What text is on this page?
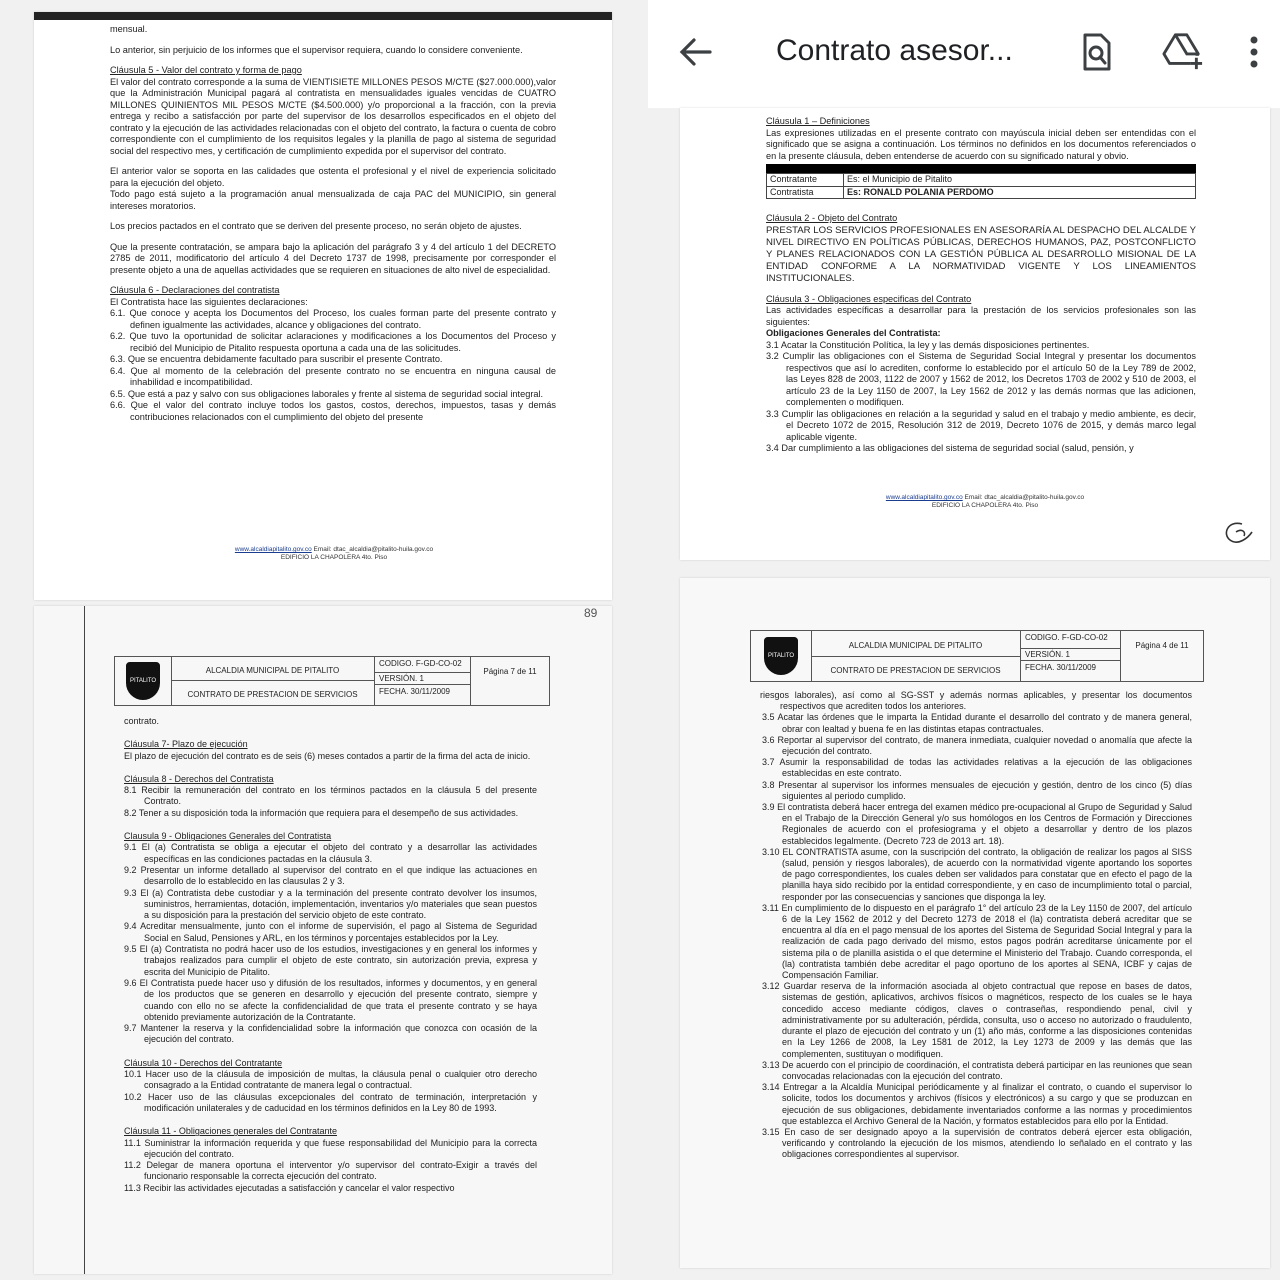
mensual.

Lo anterior, sin perjuicio de los informes que el supervisor requiera, cuando lo considere conveniente.

Cláusula 5 - Valor del contrato y forma de pago

El valor del contrato corresponde a la suma de VIENTISIETE MILLONES PESOS M/CTE ($27.000.000),valor que la Administración Municipal pagará al contratista en mensualidades iguales vencidas de CUATRO MILLONES QUINIENTOS MIL PESOS M/CTE ($4.500.000) y/o proporcional a la fracción, con la previa entrega y recibo a satisfacción por parte del supervisor de los desarrollos especificados en el objeto del contrato y la ejecución de las actividades relacionadas con el objeto del contrato, la factura o cuenta de cobro correspondiente con el cumplimiento de los requisitos legales y la planilla de pago al sistema de seguridad social del respectivo mes, y certificación de cumplimiento expedida por el supervisor del contrato.

El anterior valor se soporta en las calidades que ostenta el profesional y el nivel de experiencia solicitado para la ejecución del objeto.

Todo pago está sujeto a la programación anual mensualizada de caja PAC del MUNICIPIO, sin general intereses moratorios.

Los precios pactados en el contrato que se deriven del presente proceso, no serán objeto de ajustes.

Que la presente contratación, se ampara bajo la aplicación del parágrafo 3 y 4 del artículo 1 del DECRETO 2785 de 2011, modificatorio del artículo 4 del Decreto 1737 de 1998, precisamente por corresponder el presente objeto a una de aquellas actividades que se requieren en situaciones de alto nivel de especialidad.

Cláusula 6 - Declaraciones del contratista

El Contratista hace las siguientes declaraciones:

6.1. Que conoce y acepta los Documentos del Proceso, los cuales forman parte del presente contrato y definen igualmente las actividades, alcance y obligaciones del contrato.

6.2. Que tuvo la oportunidad de solicitar aclaraciones y modificaciones a los Documentos del Proceso y recibió del Municipio de Pitalito respuesta oportuna a cada una de las solicitudes.

6.3. Que se encuentra debidamente facultado para suscribir el presente Contrato.

6.4. Que al momento de la celebración del presente contrato no se encuentra en ninguna causal de inhabilidad e incompatibilidad.

6.5. Que está a paz y salvo con sus obligaciones laborales y frente al sistema de seguridad social integral.

6.6. Que el valor del contrato incluye todos los gastos, costos, derechos, impuestos, tasas y demás contribuciones relacionados con el cumplimiento del objeto del presente

www.alcaldiapitalito.gov.co Email: dtac_alcaldia@pitalito-huila.gov.co
EDIFICIO LA CHAPOLERA 4to. Piso
Contrato asesor...

Cláusula 1 – Definiciones

Las expresiones utilizadas en el presente contrato con mayúscula inicial deben ser entendidas con el significado que se asigna a continuación. Los términos no definidos en los documentos referenciados o en la presente cláusula, deben entenderse de acuerdo con su significado natural y obvio.

Contratante	Es: el Municipio de Pitalito
Contratista	Es: RONALD POLANIA PERDOMO

Cláusula 2 - Objeto del Contrato

PRESTAR LOS SERVICIOS PROFESIONALES EN ASESORARÍA AL DESPACHO DEL ALCALDE Y NIVEL DIRECTIVO EN POLÍTICAS PÚBLICAS, DERECHOS HUMANOS, PAZ, POSTCONFLICTO Y PLANES RELACIONADOS CON LA GESTIÓN PÚBLICA AL DESARROLLO MISIONAL DE LA ENTIDAD CONFORME A LA NORMATIVIDAD VIGENTE Y LOS LINEAMIENTOS INSTITUCIONALES.

Cláusula 3 - Obligaciones especificas del Contrato

Las actividades específicas a desarrollar para la prestación de los servicios profesionales son las siguientes:

Obligaciones Generales del Contratista:

3.1 Acatar la Constitución Política, la ley y las demás disposiciones pertinentes.

3.2 Cumplir las obligaciones con el Sistema de Seguridad Social Integral y presentar los documentos respectivos que así lo acrediten, conforme lo establecido por el artículo 50 de la Ley 789 de 2002, las Leyes 828 de 2003, 1122 de 2007 y 1562 de 2012, los Decretos 1703 de 2002 y 510 de 2003, el artículo 23 de la Ley 1150 de 2007, la Ley 1562 de 2012 y las demás normas que las adicionen, complementen o modifiquen.

3.3 Cumplir las obligaciones en relación a la seguridad y salud en el trabajo y medio ambiente, es decir, el Decreto 1072 de 2015, Resolución 312 de 2019, Decreto 1076 de 2015, y demás marco legal aplicable vigente.

3.4 Dar cumplimiento a las obligaciones del sistema de seguridad social (salud, pensión, y

www.alcaldiapitalito.gov.co Email: dtac_alcaldia@pitalito-huila.gov.co
EDIFICIO LA CHAPOLERA 4to. Piso
89
PITALITO
ALCALDIA MUNICIPAL DE PITALITO
CONTRATO DE PRESTACION DE SERVICIOS
CODIGO. F-GD-CO-02
VERSIÓN. 1
FECHA. 30/11/2009
Página 7 de 11

contrato.

Cláusula 7- Plazo de ejecución

El plazo de ejecución del contrato es de seis (6) meses contados a partir de la firma del acta de inicio.

Cláusula 8 - Derechos del Contratista

8.1 Recibir la remuneración del contrato en los términos pactados en la cláusula 5 del presente Contrato.

8.2 Tener a su disposición toda la información que requiera para el desempeño de sus actividades.

Clausula 9 - Obligaciones Generales del Contratista

9.1 El (a) Contratista se obliga a ejecutar el objeto del contrato y a desarrollar las actividades específicas en las condiciones pactadas en la cláusula 3.

9.2 Presentar un informe detallado al supervisor del contrato en el que indique las actuaciones en desarrollo de lo establecido en las clausulas 2 y 3.

9.3 El (a) Contratista debe custodiar y a la terminación del presente contrato devolver los insumos, suministros, herramientas, dotación, implementación, inventarios y/o materiales que sean puestos a su disposición para la prestación del servicio objeto de este contrato.

9.4 Acreditar mensualmente, junto con el informe de supervisión, el pago al Sistema de Seguridad Social en Salud, Pensiones y ARL, en los términos y porcentajes establecidos por la Ley.

9.5 El (a) Contratista no podrá hacer uso de los estudios, investigaciones y en general los informes y trabajos realizados para cumplir el objeto de este contrato, sin autorización previa, expresa y escrita del Municipio de Pitalito.

9.6 El Contratista puede hacer uso y difusión de los resultados, informes y documentos, y en general de los productos que se generen en desarrollo y ejecución del presente contrato, siempre y cuando con ello no se afecte la confidencialidad de que trata el presente contrato y se haya obtenido previamente autorización de la Contratante.

9.7 Mantener la reserva y la confidencialidad sobre la información que conozca con ocasión de la ejecución del contrato.

Cláusula 10 - Derechos del Contratante

10.1 Hacer uso de la cláusula de imposición de multas, la cláusula penal o cualquier otro derecho consagrado a la Entidad contratante de manera legal o contractual.

10.2 Hacer uso de las cláusulas excepcionales del contrato de terminación, interpretación y modificación unilaterales y de caducidad en los términos definidos en la Ley 80 de 1993.

Cláusula 11 - Obligaciones generales del Contratante

11.1 Suministrar la información requerida y que fuese responsabilidad del Municipio para la correcta ejecución del contrato.

11.2 Delegar de manera oportuna el interventor y/o supervisor del contrato-Exigir a través del funcionario responsable la correcta ejecución del contrato.

11.3 Recibir las actividades ejecutadas a satisfacción y cancelar el valor respectivo

PITALITO
ALCALDIA MUNICIPAL DE PITALITO
CONTRATO DE PRESTACION DE SERVICIOS
CODIGO. F-GD-CO-02
VERSIÓN. 1
FECHA. 30/11/2009
Página 4 de 11

riesgos laborales), así como al SG-SST y además normas aplicables, y presentar los documentos respectivos que acrediten todos los anteriores.

3.5 Acatar las órdenes que le imparta la Entidad durante el desarrollo del contrato y de manera general, obrar con lealtad y buena fe en las distintas etapas contractuales.

3.6 Reportar al supervisor del contrato, de manera inmediata, cualquier novedad o anomalía que afecte la ejecución del contrato.

3.7 Asumir la responsabilidad de todas las actividades relativas a la ejecución de las obligaciones establecidas en este contrato.

3.8 Presentar al supervisor los informes mensuales de ejecución y gestión, dentro de los cinco (5) días siguientes al periodo cumplido.

3.9 El contratista deberá hacer entrega del examen médico pre-ocupacional al Grupo de Seguridad y Salud en el Trabajo de la Dirección General y/o sus homólogos en los Centros de Formación y Direcciones Regionales de acuerdo con el profesiograma y el objeto a desarrollar y dentro de los plazos establecidos legalmente. (Decreto 723 de 2013 art. 18).

3.10 EL CONTRATISTA asume, con la suscripción del contrato, la obligación de realizar los pagos al SISS (salud, pensión y riesgos laborales), de acuerdo con la normatividad vigente aportando los soportes de pago correspondientes, los cuales deben ser validados para constatar que en efecto el pago de la planilla haya sido recibido por la entidad correspondiente, y en caso de incumplimiento total o parcial, responder por las consecuencias y sanciones que disponga la ley.

3.11 En cumplimiento de lo dispuesto en el parágrafo 1° del artículo 23 de la Ley 1150 de 2007, del artículo 6 de la Ley 1562 de 2012 y del Decreto 1273 de 2018 el (la) contratista deberá acreditar que se encuentra al día en el pago mensual de los aportes del Sistema de Seguridad Social Integral y para la realización de cada pago derivado del mismo, estos pagos podrán acreditarse únicamente por el sistema pila o de planilla asistida o el que determine el Ministerio del Trabajo. Cuando corresponda, el (la) contratista también debe acreditar el pago oportuno de los aportes al SENA, ICBF y cajas de Compensación Familiar.

3.12 Guardar reserva de la información asociada al objeto contractual que repose en bases de datos, sistemas de gestión, aplicativos, archivos físicos o magnéticos, respecto de los cuales se le haya concedido acceso mediante códigos, claves o contraseñas, respondiendo penal, civil y administrativamente por su adulteración, pérdida, consulta, uso o acceso no autorizado o fraudulento, durante el plazo de ejecución del contrato y un (1) año más, conforme a las disposiciones contenidas en la Ley 1266 de 2008, la Ley 1581 de 2012, la Ley 1273 de 2009 y las demás que las complementen, sustituyan o modifiquen.

3.13 De acuerdo con el principio de coordinación, el contratista deberá participar en las reuniones que sean convocadas relacionadas con la ejecución del contrato.

3.14 Entregar a la Alcaldía Municipal periódicamente y al finalizar el contrato, o cuando el supervisor lo solicite, todos los documentos y archivos (físicos y electrónicos) a su cargo y que se produzcan en ejecución de sus obligaciones, debidamente inventariados conforme a las normas y procedimientos que establezca el Archivo General de la Nación, y formatos establecidos para ello por la Entidad.

3.15 En caso de ser designado apoyo a la supervisión de contratos deberá ejercer esta obligación, verificando y controlando la ejecución de los mismos, atendiendo lo señalado en el contrato y las obligaciones correspondientes al supervisor.
